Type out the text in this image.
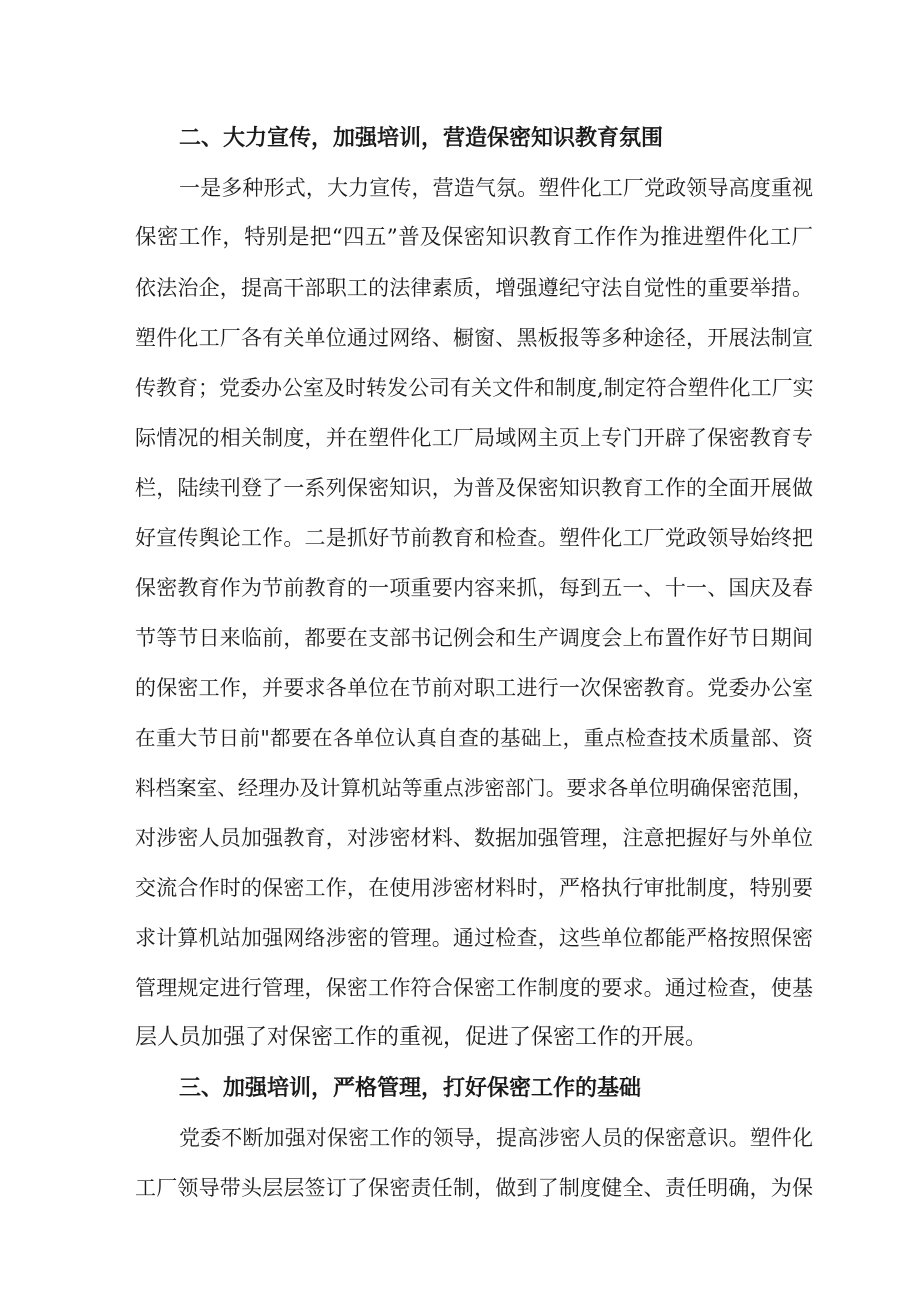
二、大力宣传，加强培训，营造保密知识教育氛围

一是多种形式，大力宣传，营造气氛。塑件化工厂党政领导高度重视
保密工作，特别是把“四五”普及保密知识教育工作作为推进塑件化工厂
依法治企，提高干部职工的法律素质，增强遵纪守法自觉性的重要举措。
塑件化工厂各有关单位通过网络、橱窗、黑板报等多种途径，开展法制宣
传教育；党委办公室及时转发公司有关文件和制度,制定符合塑件化工厂实
际情况的相关制度，并在塑件化工厂局域网主页上专门开辟了保密教育专
栏，陆续刊登了一系列保密知识，为普及保密知识教育工作的全面开展做
好宣传舆论工作。二是抓好节前教育和检查。塑件化工厂党政领导始终把
保密教育作为节前教育的一项重要内容来抓，每到五一、十一、国庆及春
节等节日来临前，都要在支部书记例会和生产调度会上布置作好节日期间
的保密工作，并要求各单位在节前对职工进行一次保密教育。党委办公室
在重大节日前"都要在各单位认真自查的基础上，重点检查技术质量部、资
料档案室、经理办及计算机站等重点涉密部门。要求各单位明确保密范围，
对涉密人员加强教育，对涉密材料、数据加强管理，注意把握好与外单位
交流合作时的保密工作，在使用涉密材料时，严格执行审批制度，特别要
求计算机站加强网络涉密的管理。通过检查，这些单位都能严格按照保密
管理规定进行管理，保密工作符合保密工作制度的要求。通过检查，使基
层人员加强了对保密工作的重视，促进了保密工作的开展。

三、加强培训，严格管理，打好保密工作的基础

党委不断加强对保密工作的领导，提高涉密人员的保密意识。塑件化
工厂领导带头层层签订了保密责任制，做到了制度健全、责任明确，为保
